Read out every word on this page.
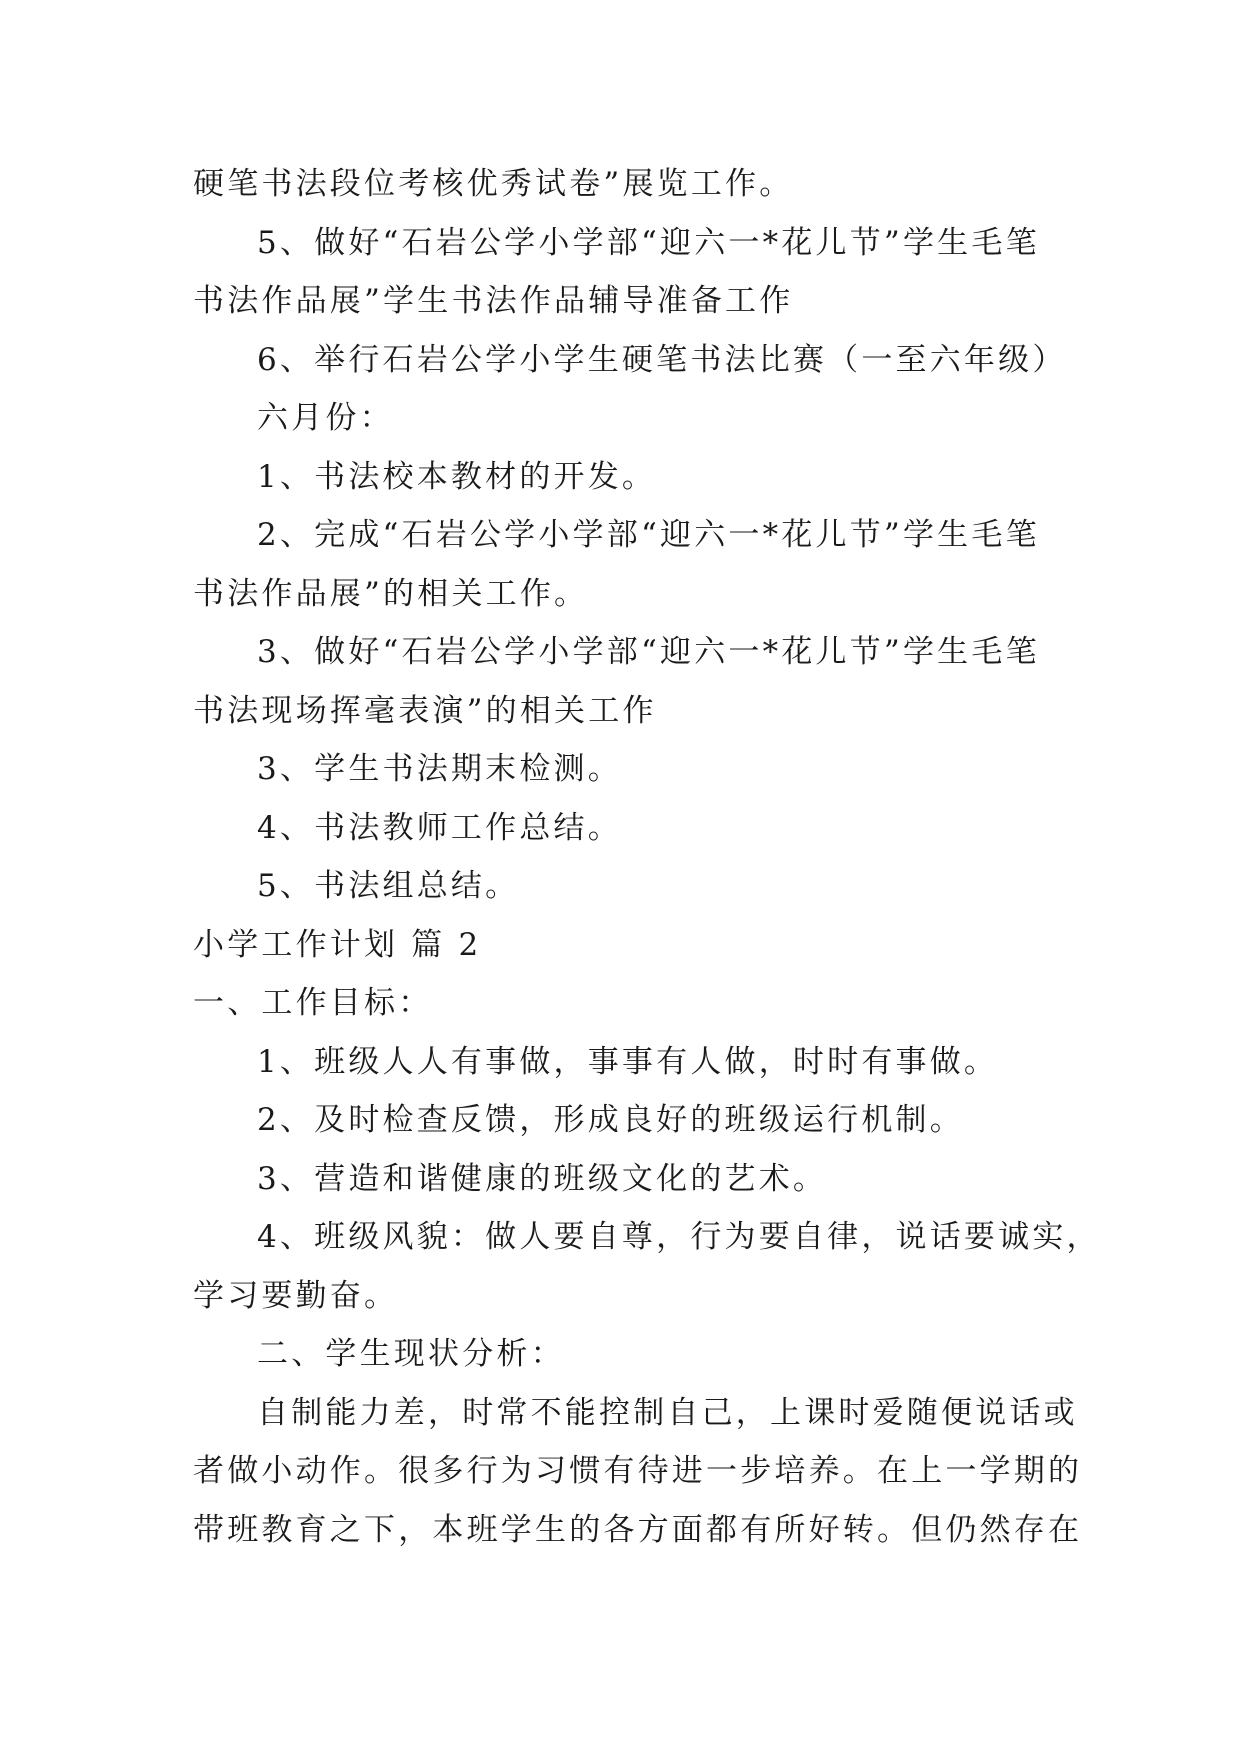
硬笔书法段位考核优秀试卷”展览工作。
5、做好“石岩公学小学部“迎六一*花儿节”学生毛笔
书法作品展”学生书法作品辅导准备工作
6、举行石岩公学小学生硬笔书法比赛（一至六年级）
六月份：
1、书法校本教材的开发。
2、完成“石岩公学小学部“迎六一*花儿节”学生毛笔
书法作品展”的相关工作。
3、做好“石岩公学小学部“迎六一*花儿节”学生毛笔
书法现场挥毫表演”的相关工作
3、学生书法期末检测。
4、书法教师工作总结。
5、书法组总结。
小学工作计划 篇 2
一、工作目标：
1、班级人人有事做，事事有人做，时时有事做。
2、及时检查反馈，形成良好的班级运行机制。
3、营造和谐健康的班级文化的艺术。
4、班级风貌：做人要自尊，行为要自律，说话要诚实，
学习要勤奋。
二、学生现状分析：
自制能力差，时常不能控制自己，上课时爱随便说话或
者做小动作。很多行为习惯有待进一步培养。在上一学期的
带班教育之下，本班学生的各方面都有所好转。但仍然存在
